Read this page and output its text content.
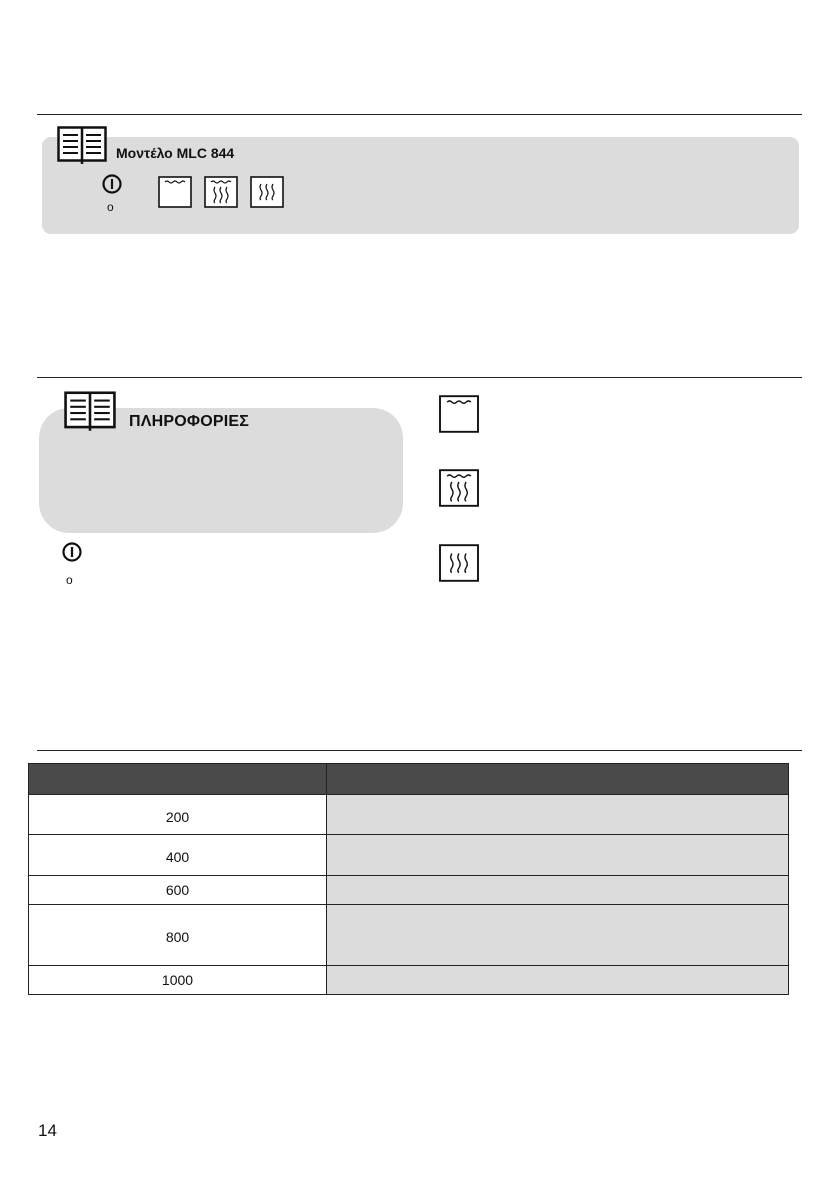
Μοντέλο MLC 844
o
ΠΛΗΡΟΦΟΡΙΕΣ
o

200	
400	
600	
800	
1000	
14
